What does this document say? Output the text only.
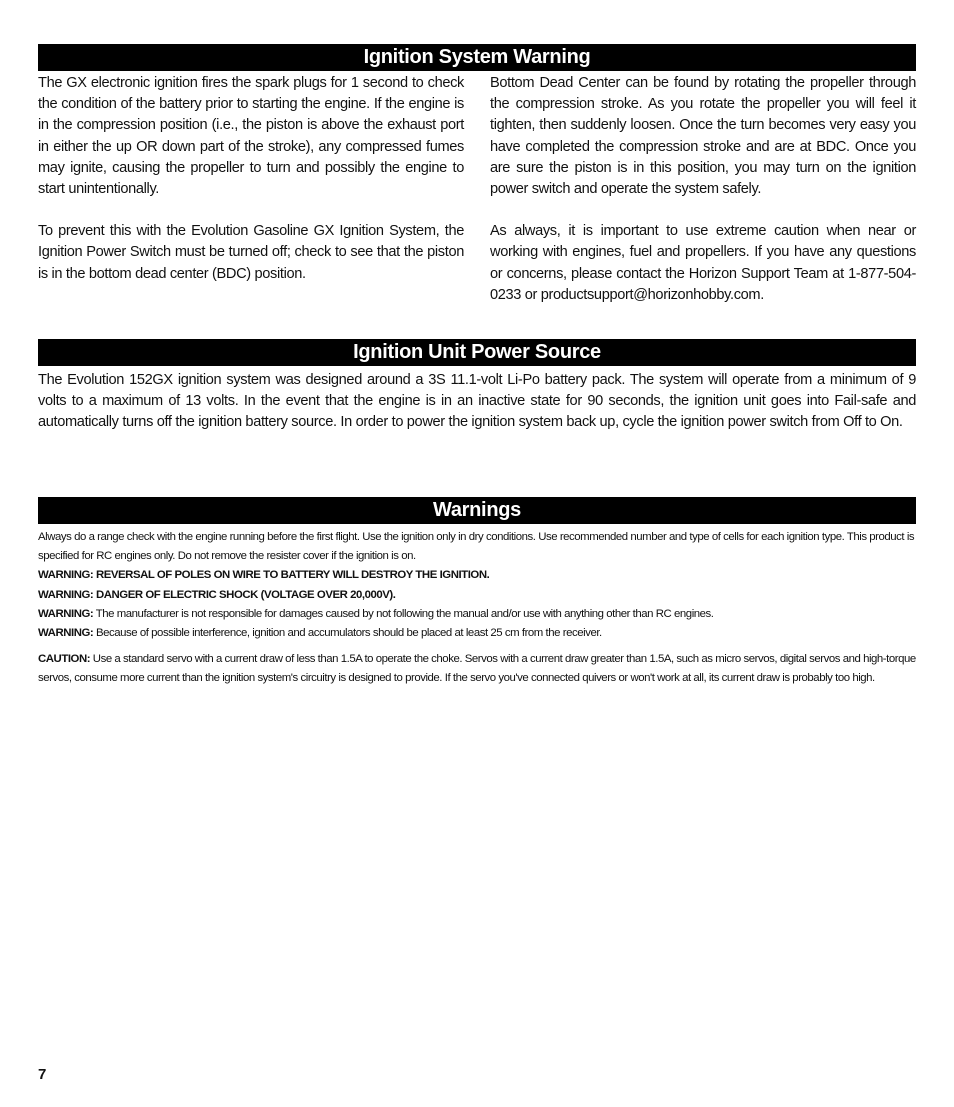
Ignition System Warning

The GX electronic ignition fires the spark plugs for 1 second to check the condition of the battery prior to starting the engine. If the engine is in the compression position (i.e., the piston is above the exhaust port in either the up OR down part of the stroke), any compressed fumes may ignite, causing the propeller to turn and possibly the engine to start unintentionally.

To prevent this with the Evolution Gasoline GX Ignition System, the Ignition Power Switch must be turned off; check to see that the piston is in the bottom dead center (BDC) position.

Bottom Dead Center can be found by rotating the propeller through the compression stroke. As you rotate the propeller you will feel it tighten, then suddenly loosen. Once the turn becomes very easy you have completed the compression stroke and are at BDC. Once you are sure the piston is in this position, you may turn on the ignition power switch and operate the system safely.

As always, it is important to use extreme caution when near or working with engines, fuel and propellers. If you have any questions or concerns, please contact the Horizon Support Team at 1-877-504-0233 or productsupport@horizonhobby.com.

Ignition Unit Power Source

The Evolution 152GX ignition system was designed around a 3S 11.1-volt Li-Po battery pack. The system will operate from a minimum of 9 volts to a maximum of 13 volts. In the event that the engine is in an inactive state for 90 seconds, the ignition unit goes into Fail-safe and automatically turns off the ignition battery source. In order to power the ignition system back up, cycle the ignition power switch from Off to On.

Warnings

Always do a range check with the engine running before the first flight. Use the ignition only in dry conditions. Use recommended number and type of cells for each ignition type. This product is specified for RC engines only. Do not remove the resister cover if the ignition is on.

WARNING: REVERSAL OF POLES ON WIRE TO BATTERY WILL DESTROY THE IGNITION.

WARNING: DANGER OF ELECTRIC SHOCK (VOLTAGE OVER 20,000V).

WARNING: The manufacturer is not responsible for damages caused by not following the manual and/or use with anything other than RC engines.

WARNING: Because of possible interference, ignition and accumulators should be placed at least 25 cm from the receiver.

CAUTION: Use a standard servo with a current draw of less than 1.5A to operate the choke. Servos with a current draw greater than 1.5A, such as micro servos, digital servos and high-torque servos, consume more current than the ignition system's circuitry is designed to provide. If the servo you've connected quivers or won't work at all, its current draw is probably too high.

7
